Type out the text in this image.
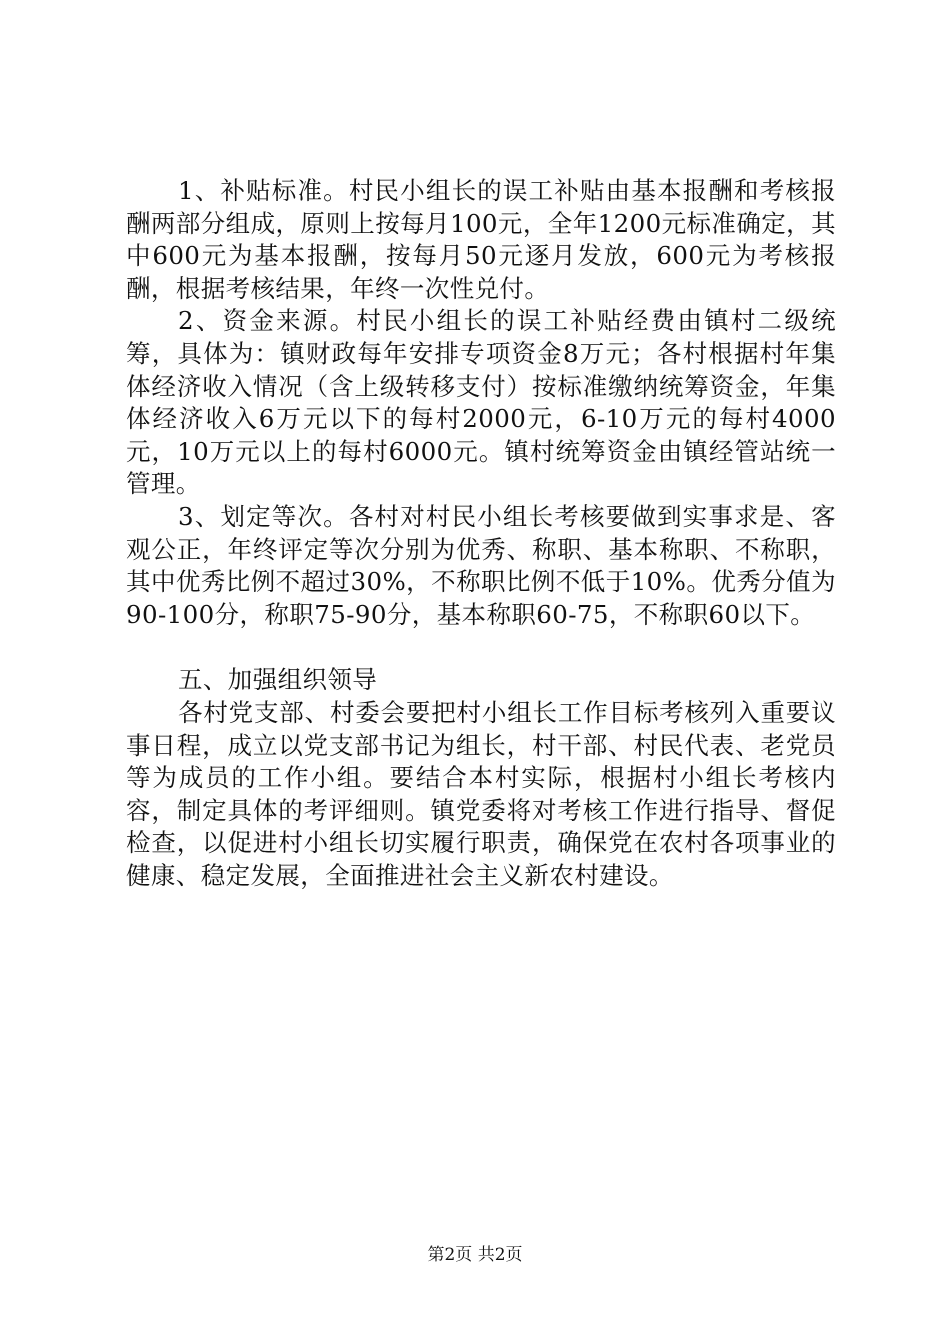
1、补贴标准。村民小组长的误工补贴由基本报酬和考核报酬两部分组成，原则上按每月100元，全年1200元标准确定，其中600元为基本报酬，按每月50元逐月发放，600元为考核报酬，根据考核结果，年终一次性兑付。

2、资金来源。村民小组长的误工补贴经费由镇村二级统筹，具体为：镇财政每年安排专项资金8万元；各村根据村年集体经济收入情况（含上级转移支付）按标准缴纳统筹资金，年集体经济收入6万元以下的每村2000元，6-10万元的每村4000元，10万元以上的每村6000元。镇村统筹资金由镇经管站统一管理。

3、划定等次。各村对村民小组长考核要做到实事求是、客观公正，年终评定等次分别为优秀、称职、基本称职、不称职，其中优秀比例不超过30%，不称职比例不低于10%。优秀分值为90-100分，称职75-90分，基本称职60-75，不称职60以下。

五、加强组织领导

各村党支部、村委会要把村小组长工作目标考核列入重要议事日程，成立以党支部书记为组长，村干部、村民代表、老党员等为成员的工作小组。要结合本村实际，根据村小组长考核内容，制定具体的考评细则。镇党委将对考核工作进行指导、督促检查，以促进村小组长切实履行职责，确保党在农村各项事业的健康、稳定发展，全面推进社会主义新农村建设。

第2页 共2页
